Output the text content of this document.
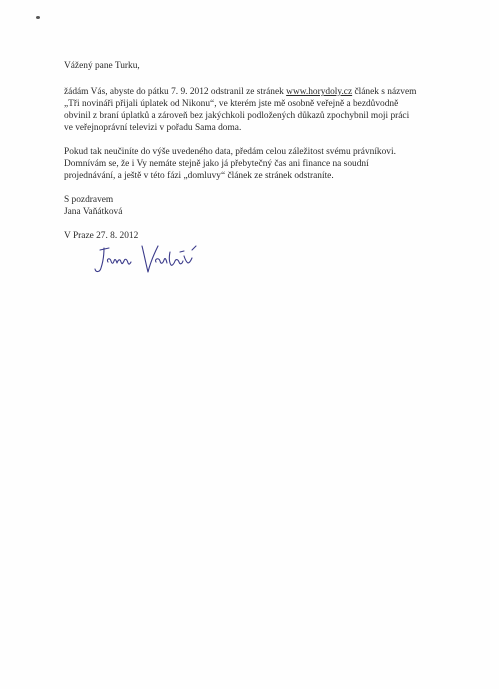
Vážený pane Turku,

žádám Vás, abyste do pátku 7. 9. 2012 odstranil ze stránek www.horydoly.cz článek s názvem
„Tři novináři přijali úplatek od Nikonu“, ve kterém jste mě osobně veřejně a bezdůvodně
obvinil z braní úplatků a zároveň bez jakýchkoli podložených důkazů zpochybnil moji práci
ve veřejnoprávní televizi v pořadu Sama doma.

Pokud tak neučiníte do výše uvedeného data, předám celou záležitost svému právníkovi.
Domnívám se, že i Vy nemáte stejně jako já přebytečný čas ani finance na soudní
projednávání, a ještě v této fázi „domluvy“ článek ze stránek odstraníte.

S pozdravem
Jana Vaňátková

V Praze 27. 8. 2012
